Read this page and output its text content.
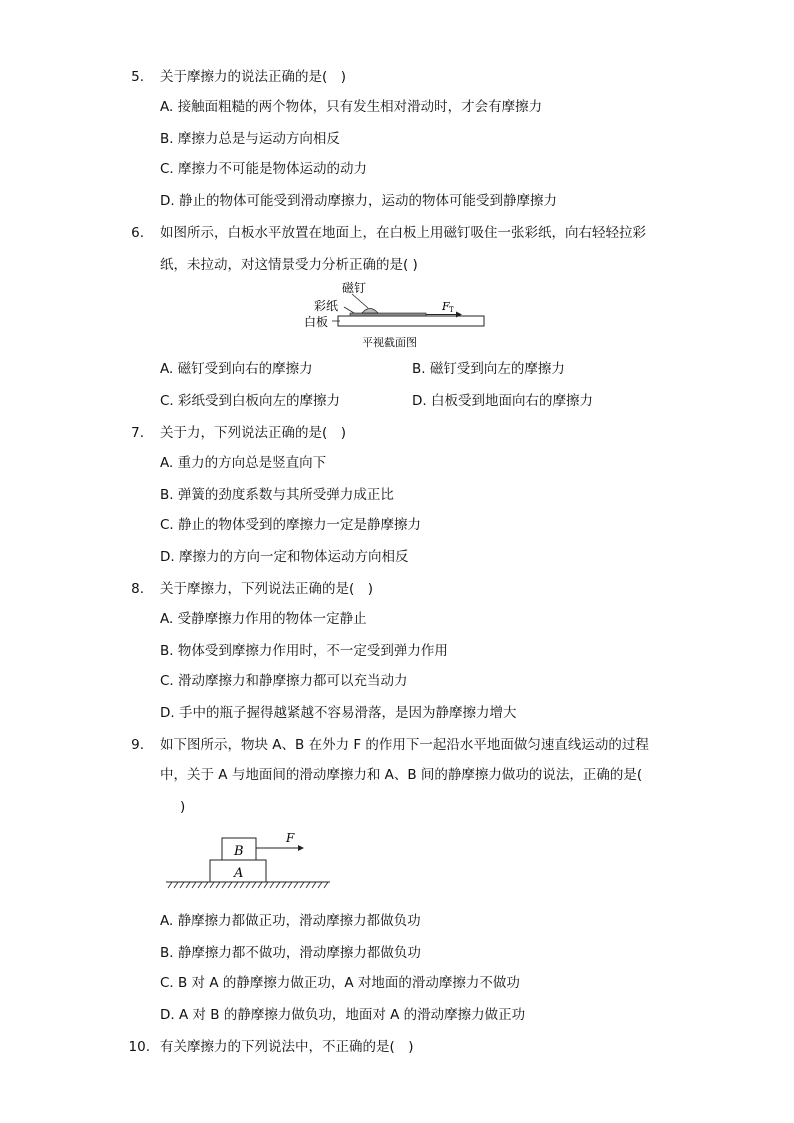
5. 关于摩擦力的说法正确的是(　)
A. 接触面粗糙的两个物体，只有发生相对滑动时，才会有摩擦力
B. 摩擦力总是与运动方向相反
C. 摩擦力不可能是物体运动的动力
D. 静止的物体可能受到滑动摩擦力，运动的物体可能受到静摩擦力
6. 如图所示，白板水平放置在地面上，在白板上用磁钉吸住一张彩纸，向右轻轻拉彩
纸，未拉动，对这情景受力分析正确的是( )
磁钉
彩纸
白板
F T
平视截面图
A. 磁钉受到向右的摩擦力	B. 磁钉受到向左的摩擦力
C. 彩纸受到白板向左的摩擦力	D. 白板受到地面向右的摩擦力
7. 关于力，下列说法正确的是(　)
A. 重力的方向总是竖直向下
B. 弹簧的劲度系数与其所受弹力成正比
C. 静止的物体受到的摩擦力一定是静摩擦力
D. 摩擦力的方向一定和物体运动方向相反
8. 关于摩擦力，下列说法正确的是(　)
A. 受静摩擦力作用的物体一定静止
B. 物体受到摩擦力作用时，不一定受到弹力作用
C. 滑动摩擦力和静摩擦力都可以充当动力
D. 手中的瓶子握得越紧越不容易滑落，是因为静摩擦力增大
9. 如下图所示，物块 A、B 在外力 F 的作用下一起沿水平地面做匀速直线运动的过程
中，关于 A 与地面间的滑动摩擦力和 A、B 间的静摩擦力做功的说法，正确的是(
)
B
A
F
A. 静摩擦力都做正功，滑动摩擦力都做负功
B. 静摩擦力都不做功，滑动摩擦力都做负功
C. B 对 A 的静摩擦力做正功，A 对地面的滑动摩擦力不做功
D. A 对 B 的静摩擦力做负功，地面对 A 的滑动摩擦力做正功
10. 有关摩擦力的下列说法中，不正确的是(　)
